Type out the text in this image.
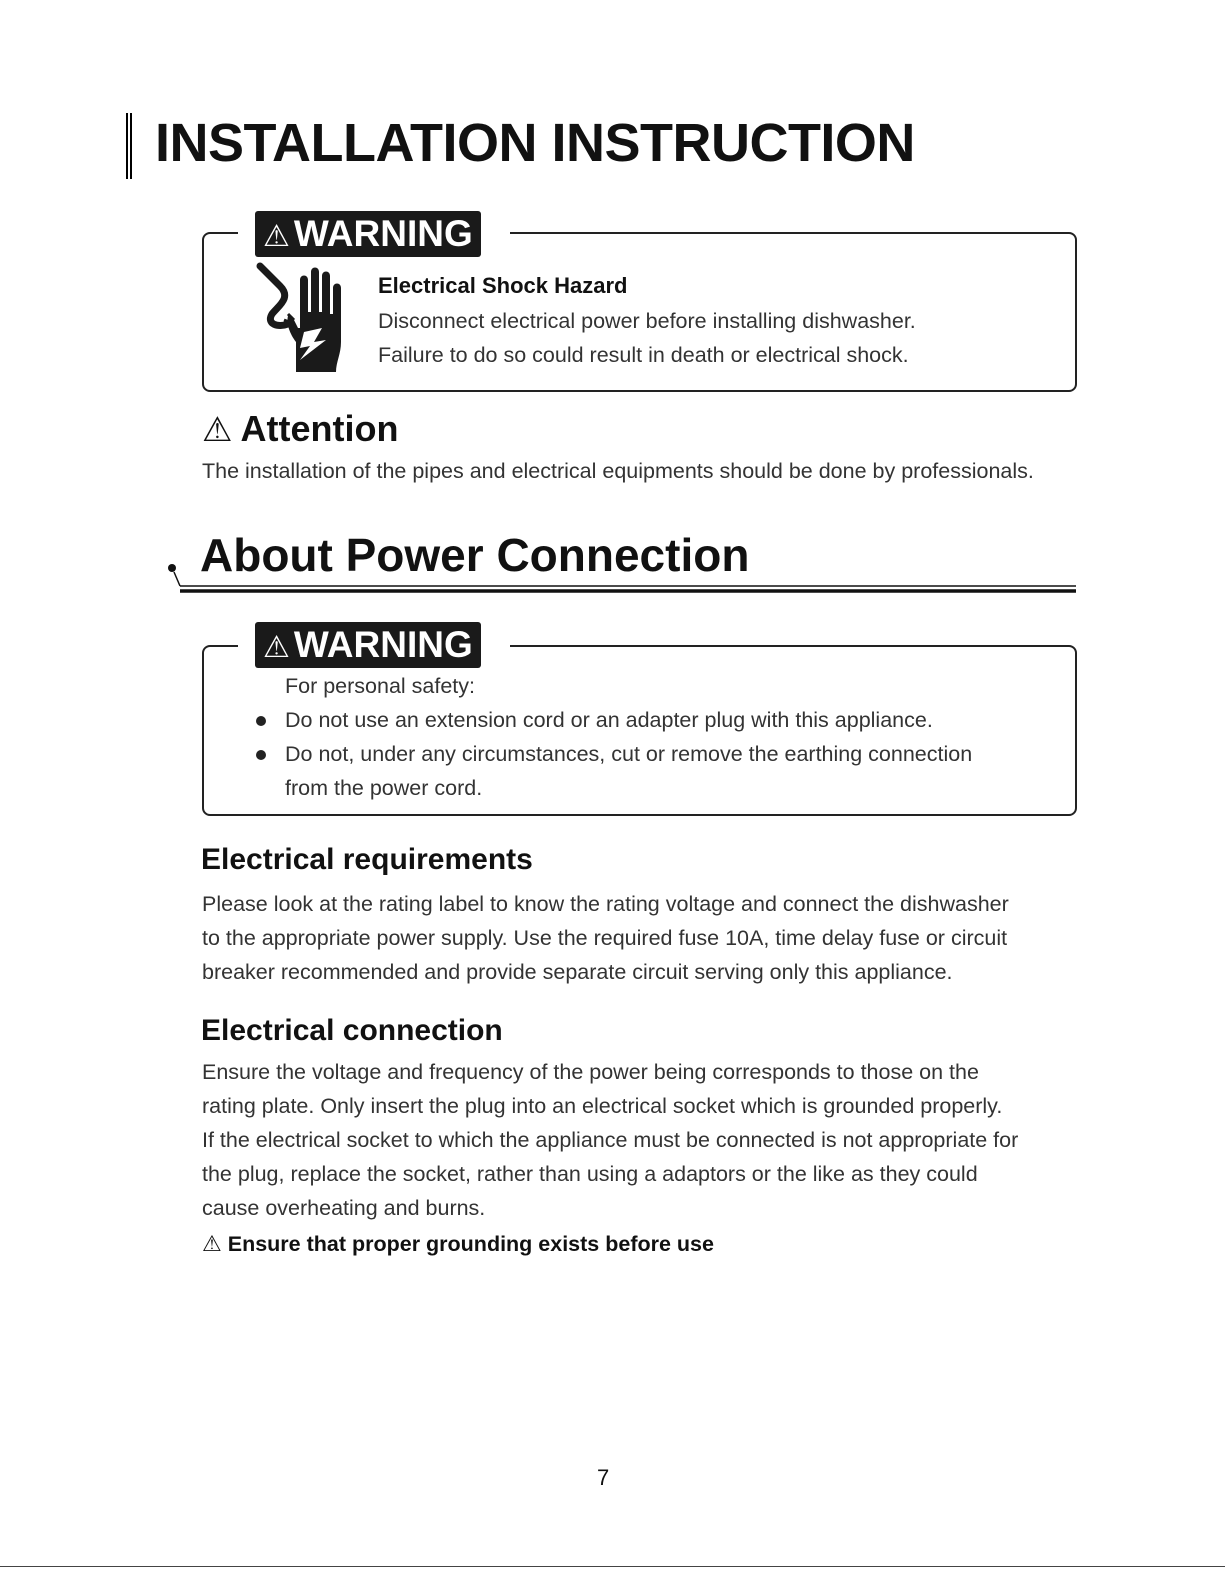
INSTALLATION INSTRUCTION
⚠ WARNING
Electrical Shock Hazard
Disconnect electrical power before installing dishwasher.
Failure to do so could result in death or electrical shock.
⚠ Attention
The installation of the pipes and electrical equipments should be done by professionals.
About Power Connection
⚠ WARNING
For personal safety:
Do not use an extension cord or an adapter plug with this appliance.
Do not, under any circumstances, cut or remove the earthing connection
from the power cord.
Electrical requirements
Please look at the rating label to know the rating voltage and connect the dishwasher
to the appropriate power supply. Use the required fuse 10A, time delay fuse or circuit
breaker recommended and provide separate circuit serving only this appliance.
Electrical connection
Ensure the voltage and frequency of the power being corresponds to those on the
rating plate. Only insert the plug into an electrical socket which is grounded properly.
If the electrical socket to which the appliance must be connected is not appropriate for
the plug, replace the socket, rather than using a adaptors or the like as they could
cause overheating and burns.
⚠ Ensure that proper grounding exists before use
7
